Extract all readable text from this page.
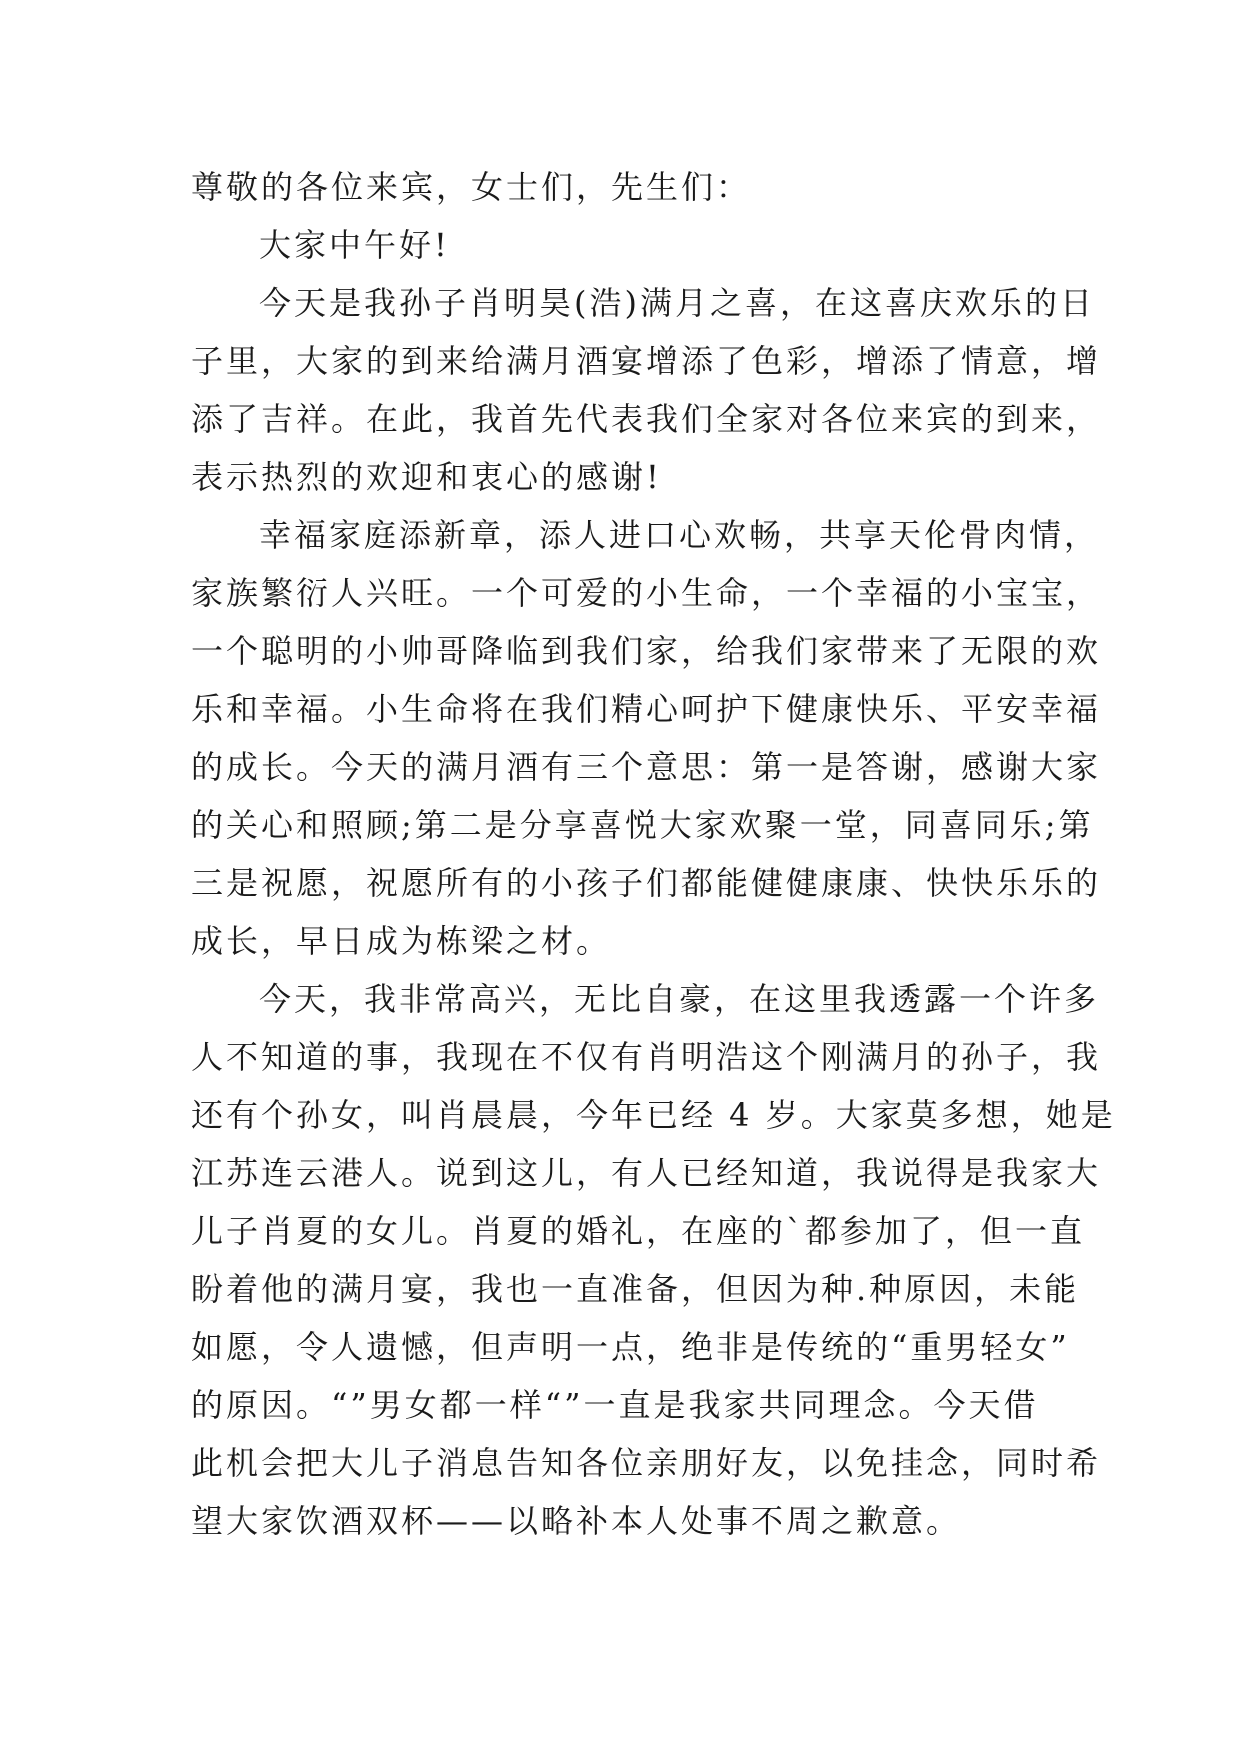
尊敬的各位来宾，女士们，先生们：
大家中午好!
今天是我孙子肖明昊(浩)满月之喜，在这喜庆欢乐的日
子里，大家的到来给满月酒宴增添了色彩，增添了情意，增
添了吉祥。在此，我首先代表我们全家对各位来宾的到来，
表示热烈的欢迎和衷心的感谢!
幸福家庭添新章，添人进口心欢畅，共享天伦骨肉情，
家族繁衍人兴旺。一个可爱的小生命，一个幸福的小宝宝，
一个聪明的小帅哥降临到我们家，给我们家带来了无限的欢
乐和幸福。小生命将在我们精心呵护下健康快乐、平安幸福
的成长。今天的满月酒有三个意思：第一是答谢，感谢大家
的关心和照顾;第二是分享喜悦大家欢聚一堂，同喜同乐;第
三是祝愿，祝愿所有的小孩子们都能健健康康、快快乐乐的
成长，早日成为栋梁之材。
今天，我非常高兴，无比自豪，在这里我透露一个许多
人不知道的事，我现在不仅有肖明浩这个刚满月的孙子，我
还有个孙女，叫肖晨晨，今年已经 4 岁。大家莫多想，她是
江苏连云港人。说到这儿，有人已经知道，我说得是我家大
儿子肖夏的女儿。肖夏的婚礼，在座的`都参加了，但一直
盼着他的满月宴，我也一直准备，但因为种.种原因，未能
如愿，令人遗憾，但声明一点，绝非是传统的“重男轻女”
的原因。“”男女都一样“”一直是我家共同理念。今天借
此机会把大儿子消息告知各位亲朋好友，以免挂念，同时希
望大家饮酒双杯——以略补本人处事不周之歉意。
